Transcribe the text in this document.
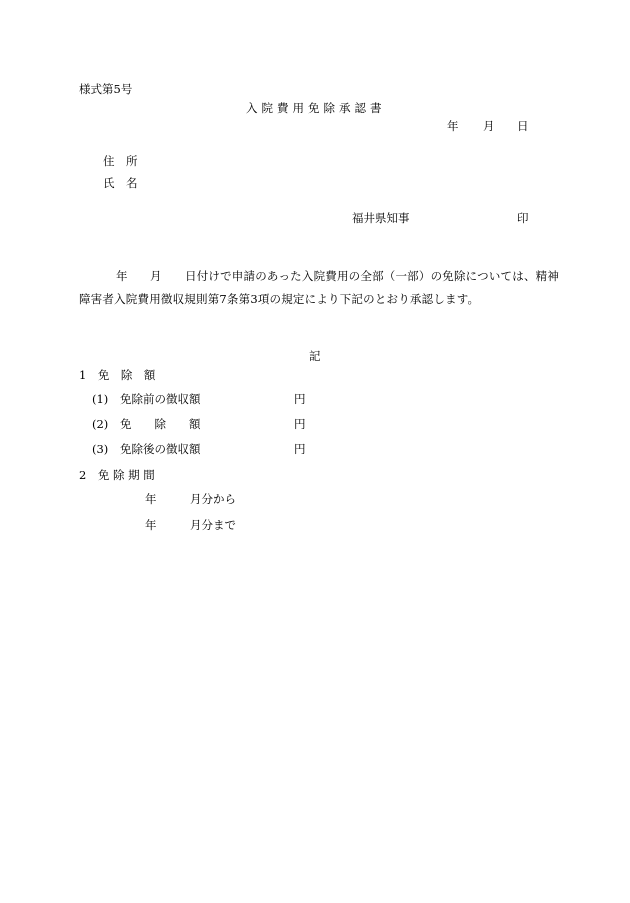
様式第5号
入院費用免除承認書
年 月 日
住　所
氏　名
福井県知事	印
年 月 日付けで申請のあった入院費用の全部（一部）の免除については、精神
障害者入院費用徴収規則第7条第3項の規定により下記のとおり承認します。
記
1　免　除　額
(1) 免除前の徴収額	円
(2) 免　　除　　額	円
(3) 免除後の徴収額	円
2　免 除 期 間
年	月分から
年	月分まで
